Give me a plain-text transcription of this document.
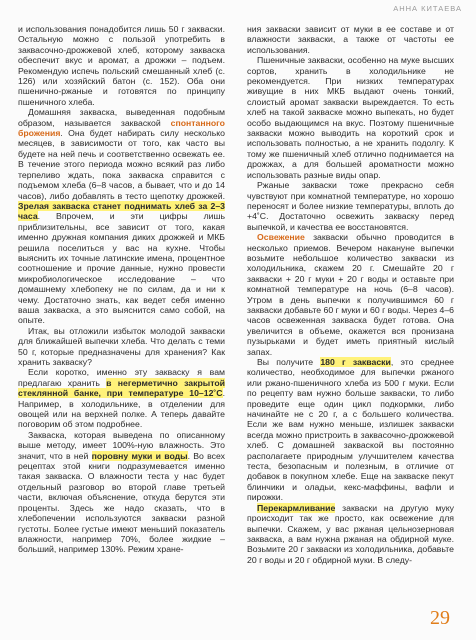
АННА КИТАЕВА

и использования понадобится лишь 50 г закваски. Остальную можно с пользой употребить в заквасочно-дрожжевой хлеб, которому закваска обеспечит вкус и аромат, а дрожжи – подъем. Рекомендую испечь польский смешанный хлеб (с. 126) или хозяйский батон (с. 152). Оба они пшенично-ржаные и готовятся по принципу пшеничного хлеба.

Домашняя закваска, выведенная подобным образом, называется закваской спонтанного брожения. Она будет набирать силу несколько месяцев, в зависимости от того, как часто вы будете на ней печь и соответственно освежать ее. В течение этого периода можно всякий раз либо терпеливо ждать, пока закваска справится с подъемом хлеба (6–8 часов, а бывает, что и до 14 часов), либо добавлять в тесто щепотку дрожжей. Зрелая закваска станет поднимать хлеб за 2–3 часа. Впрочем, и эти цифры лишь приблизительны, все зависит от того, какая именно дружная компания диких дрожжей и МКБ решила поселиться у вас на кухне. Чтобы выяснить их точные латинские имена, процентное соотношение и прочие данные, нужно провести микробиологическое исследование – что домашнему хлебопеку не по силам, да и ни к чему. Достаточно знать, как ведет себя именно ваша закваска, а это выяснится само собой, на опыте.

Итак, вы отложили избыток молодой закваски для ближайшей выпечки хлеба. Что делать с теми 50 г, которые предназначены для хранения? Как хранить закваску?

Если коротко, именно эту закваску я вам предлагаю хранить в негерметично закрытой стеклянной банке, при температуре 10–12˚С. Например, в холодильнике, в отделении для овощей или на верхней полке. А теперь давайте поговорим об этом подробнее.

Закваска, которая выведена по описанному выше методу, имеет 100%-ную влажность. Это значит, что в ней поровну муки и воды. Во всех рецептах этой книги подразумевается именно такая закваска. О влажности теста у нас будет отдельный разговор во второй главе третьей части, включая объяснение, откуда берутся эти проценты. Здесь же надо сказать, что в хлебопечении используются закваски разной густоты. Более густые имеют меньший показатель влажности, например 70%, более жидкие – больший, например 130%. Режим хране-

ния закваски зависит от муки в ее составе и от влажности закваски, а также от частоты ее использования.

Пшеничные закваски, особенно на муке высших сортов, хранить в холодильнике не рекомендуется. При низких температурах живущие в них МКБ выдают очень тонкий, слоистый аромат закваски выреждается. То есть хлеб на такой закваске можно выпекать, но будет особо выдающимся на вкус. Поэтому пшеничные закваски можно выводить на короткий срок и использовать полностью, а не хранить подолгу. К тому же пшеничный хлеб отлично поднимается на дрожжах, а для большей ароматности можно использовать разные виды опар.

Ржаные закваски тоже прекрасно себя чувствуют при комнатной температуре, но хорошо переносят и более низкие температуры, вплоть до +4˚С. Достаточно освежить закваску перед выпечкой, и качества ее восстановятся.

Освежение закваски обычно проводится в несколько приемов. Вечером накануне выпечки возьмите небольшое количество закваски из холодильника, скажем 20 г. Смешайте 20 г закваски + 20 г муки + 20 г воды и оставьте при комнатной температуре на ночь (6–8 часов). Утром в день выпечки к получившимся 60 г закваски добавьте 60 г муки и 60 г воды. Через 4–6 часов освеженная закваска будет готова. Она увеличится в объеме, окажется вся пронизана пузырьками и будет иметь приятный кислый запах.

Вы получите 180 г закваски, это среднее количество, необходимое для выпечки ржаного или ржано-пшеничного хлеба из 500 г муки. Если по рецепту вам нужно больше закваски, то либо проведите еще один цикл подкормки, либо начинайте не с 20 г, а с большего количества. Если же вам нужно меньше, излишек закваски всегда можно пристроить в заквасочно-дрожжевой хлеб. С домашней закваской вы постоянно располагаете природным улучшителем качества теста, безопасным и полезным, в отличие от добавок в покупном хлебе. Еще на закваске пекут блинчики и оладьи, кекс-маффины, вафли и пирожки.

Перекармливание закваски на другую муку происходит так же просто, как освежение для выпечки. Скажем, у вас ржаная цельнозерновая закваска, а вам нужна ржаная на обдирной муке. Возьмите 20 г закваски из холодильника, добавьте 20 г воды и 20 г обдирной муки. В следу-

29
